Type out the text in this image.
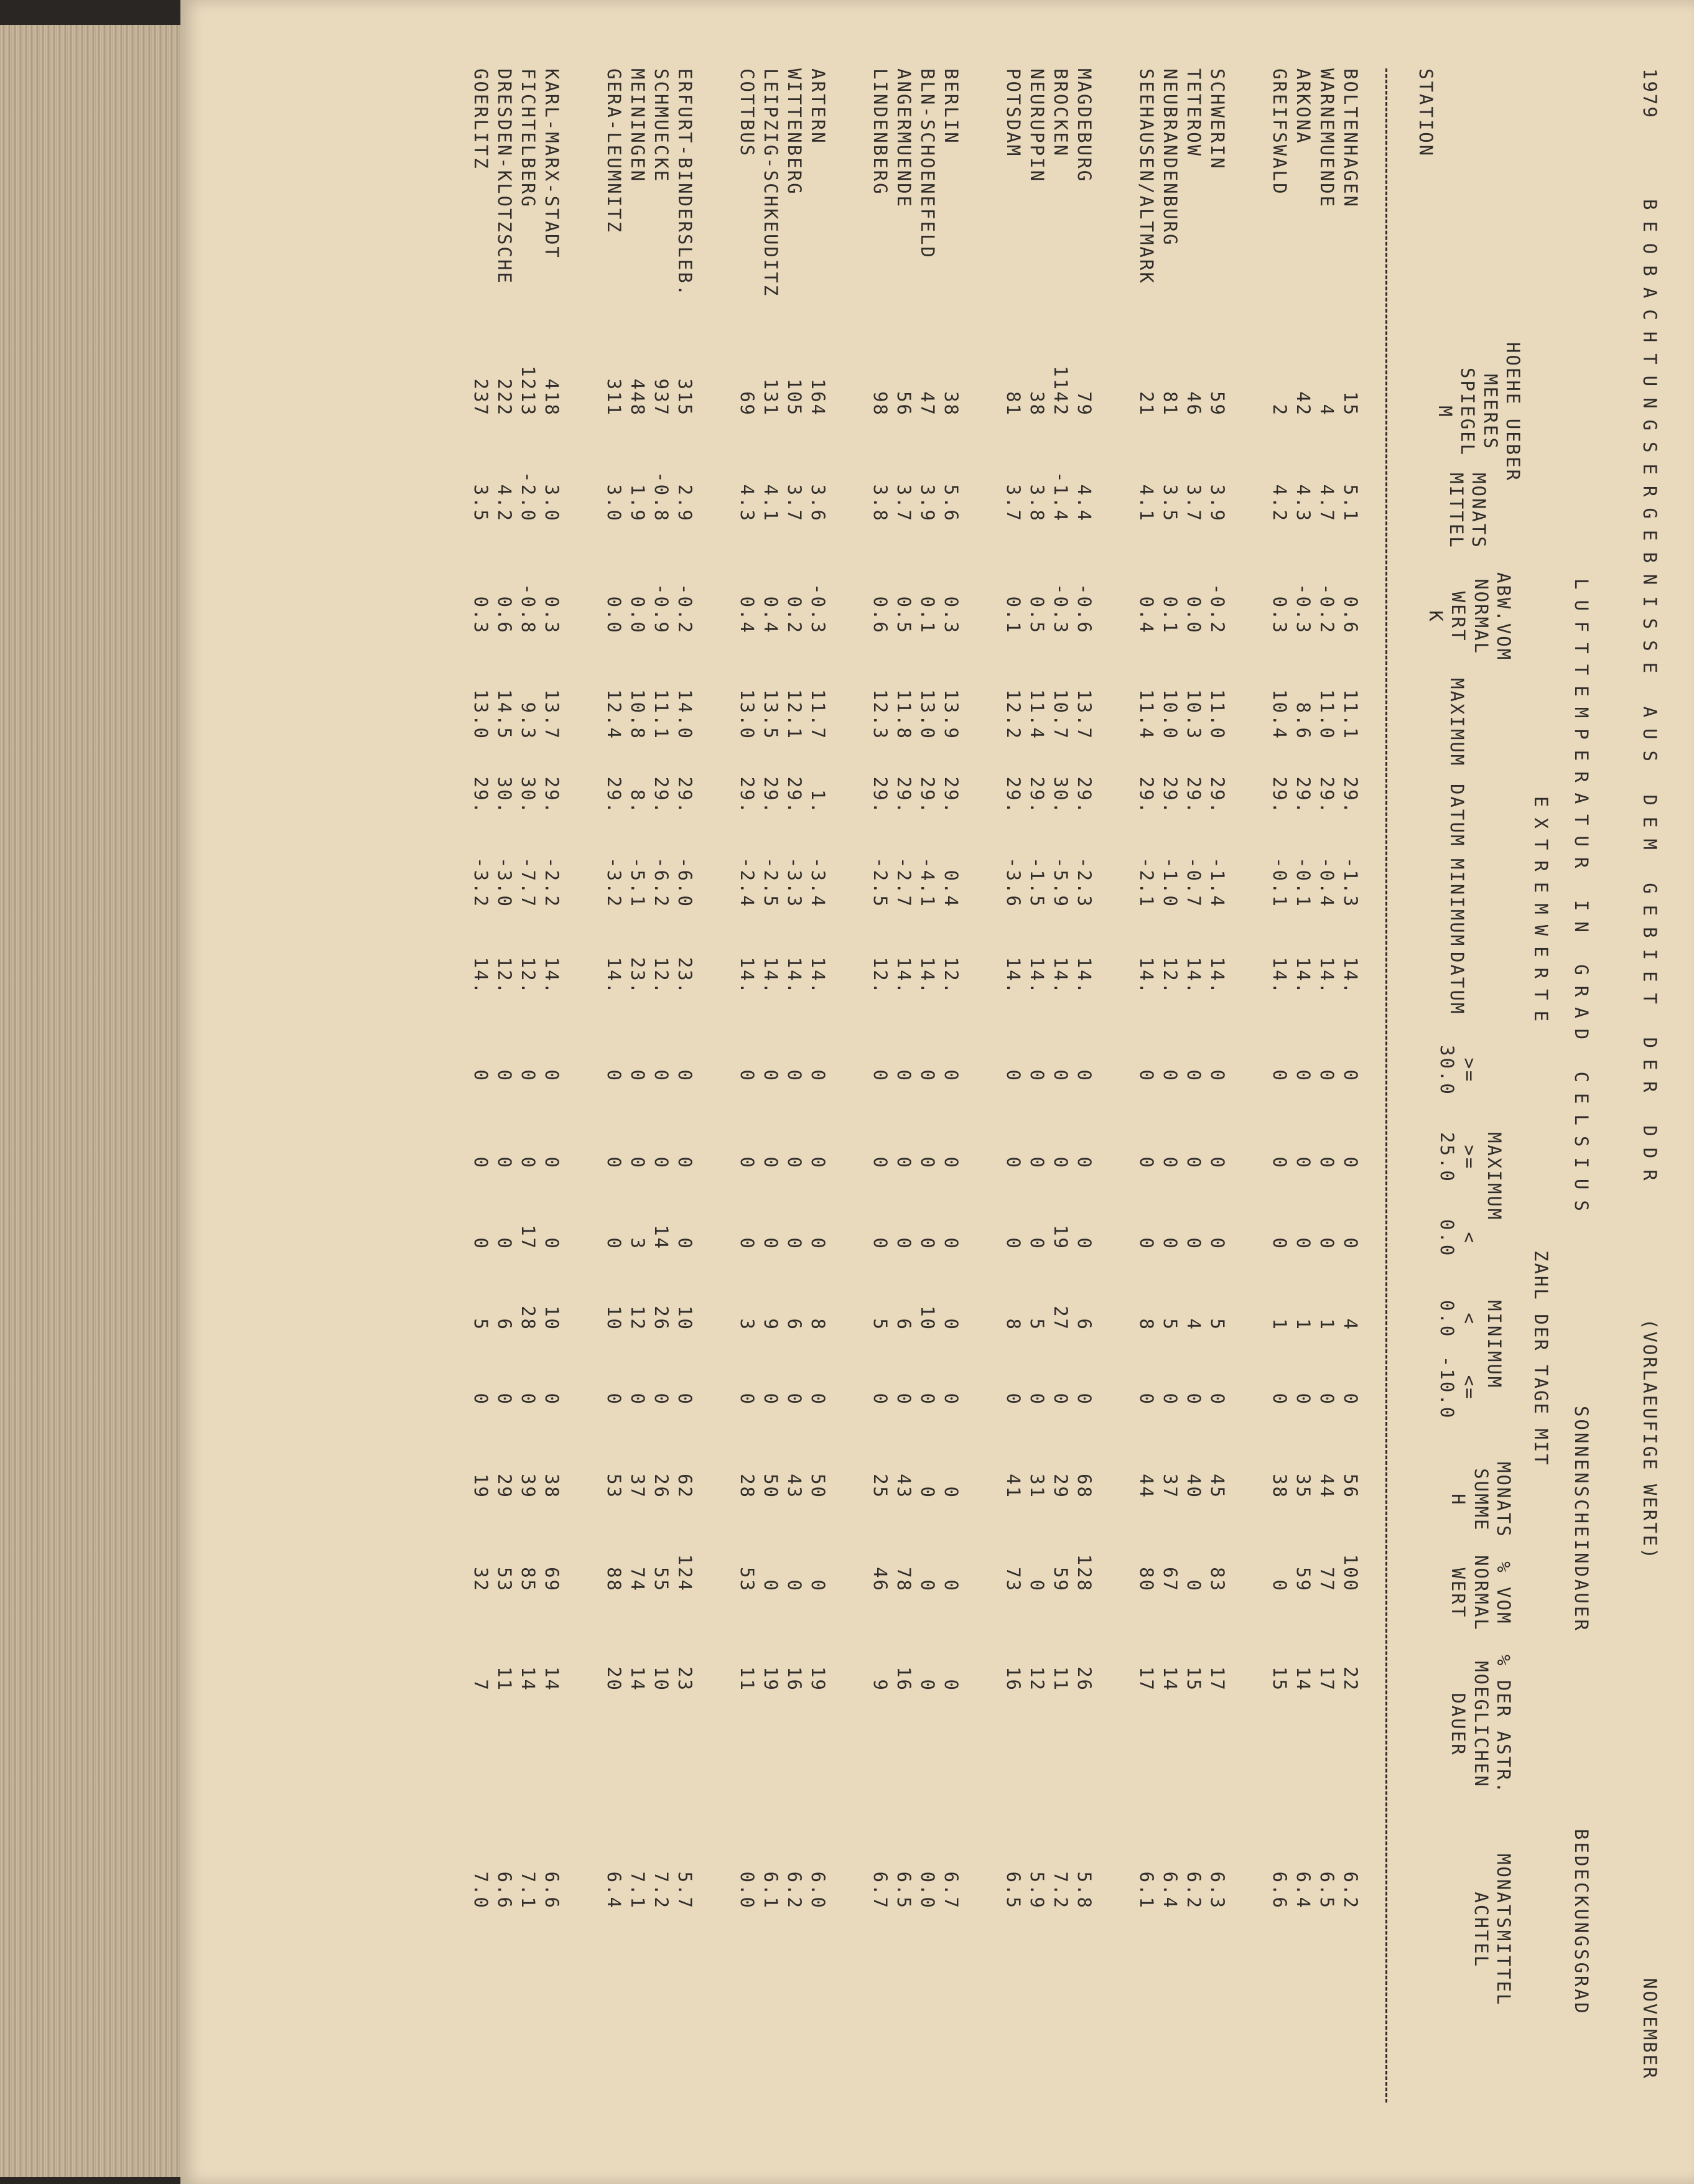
1979
BEOBACHTUNGSERGEBNISSE AUS DEM GEBIET DER DDR
(VORLAEUFIGE WERTE)
NOVEMBER
LUFTTEMPERATUR IN GRAD CELSIUS
SONNENSCHEINDAUER
BEDECKUNGSGRAD
EXTREMWERTE
ZAHL DER TAGE MIT
STATION
HOEHE UEBER
MEERES
SPIEGEL
M
MONATS
MITTEL
ABW.VOM
NORMAL
WERT
K
MAXIMUM
DATUM
MINIMUM
DATUM
MAXIMUM
MINIMUM
>=
30.0
>=
25.0
<
0.0
<
0.0
<=
-10.0
MONATS
SUMME
H
% VOM
NORMAL
WERT
% DER ASTR.
MOEGLICHEN
DAUER
MONATSMITTEL
ACHTEL
BOLTENHAGEN	15	5.1	0.6	11.1	29.	-1.3	14.	0	0	0	4	0	56	100	22	6.2
WARNEMUENDE	4	4.7	-0.2	11.0	29.	-0.4	14.	0	0	0	1	0	44	77	17	6.5
ARKONA	42	4.3	-0.3	8.6	29.	-0.1	14.	0	0	0	1	0	35	59	14	6.4
GREIFSWALD	2	4.2	0.3	10.4	29.	-0.1	14.	0	0	0	1	0	38	0	15	6.6

SCHWERIN	59	3.9	-0.2	11.0	29.	-1.4	14.	0	0	0	5	0	45	83	17	6.3
TETEROW	46	3.7	0.0	10.3	29.	-0.7	14.	0	0	0	4	0	40	0	15	6.2
NEUBRANDENBURG	81	3.5	0.1	10.0	29.	-1.0	12.	0	0	0	5	0	37	67	14	6.4
SEEHAUSEN/ALTMARK	21	4.1	0.4	11.4	29.	-2.1	14.	0	0	0	8	0	44	80	17	6.1

MAGDEBURG	79	4.4	-0.6	13.7	29.	-2.3	14.	0	0	0	6	0	68	128	26	5.8
BROCKEN	1142	-1.4	-0.3	10.7	30.	-5.9	14.	0	0	19	27	0	29	59	11	7.2
NEURUPPIN	38	3.8	0.5	11.4	29.	-1.5	14.	0	0	0	5	0	31	0	12	5.9
POTSDAM	81	3.7	0.1	12.2	29.	-3.6	14.	0	0	0	8	0	41	73	16	6.5

BERLIN	38	5.6	0.3	13.9	29.	0.4	12.	0	0	0	0	0	0	0	0	6.7
BLN-SCHOENEFELD	47	3.9	0.1	13.0	29.	-4.1	14.	0	0	0	10	0	0	0	0	0.0
ANGERMUENDE	56	3.7	0.5	11.8	29.	-2.7	14.	0	0	0	6	0	43	78	16	6.5
LINDENBERG	98	3.8	0.6	12.3	29.	-2.5	12.	0	0	0	5	0	25	46	9	6.7

ARTERN	164	3.6	-0.3	11.7	1.	-3.4	14.	0	0	0	8	0	50	0	19	6.0
WITTENBERG	105	3.7	0.2	12.1	29.	-3.3	14.	0	0	0	6	0	43	0	16	6.2
LEIPZIG-SCHKEUDITZ	131	4.1	0.4	13.5	29.	-2.5	14.	0	0	0	9	0	50	0	19	6.1
COTTBUS	69	4.3	0.4	13.0	29.	-2.4	14.	0	0	0	3	0	28	53	11	0.0

ERFURT-BINDERSLEB.	315	2.9	-0.2	14.0	29.	-6.0	23.	0	0	0	10	0	62	124	23	5.7
SCHMUECKE	937	-0.8	-0.9	11.1	29.	-6.2	12.	0	0	14	26	0	26	55	10	7.2
MEININGEN	448	1.9	0.0	10.8	8.	-5.1	23.	0	0	3	12	0	37	74	14	7.1
GERA-LEUMNITZ	311	3.0	0.0	12.4	29.	-3.2	14.	0	0	0	10	0	53	88	20	6.4

KARL-MARX-STADT	418	3.0	0.3	13.7	29.	-2.2	14.	0	0	0	10	0	38	69	14	6.6
FICHTELBERG	1213	-2.0	-0.8	9.3	30.	-7.7	12.	0	0	17	28	0	39	85	14	7.1
DRESDEN-KLOTZSCHE	222	4.2	0.6	14.5	30.	-3.0	12.	0	0	0	6	0	29	53	11	6.6
GOERLITZ	237	3.5	0.3	13.0	29.	-3.2	14.	0	0	0	5	0	19	32	7	7.0
